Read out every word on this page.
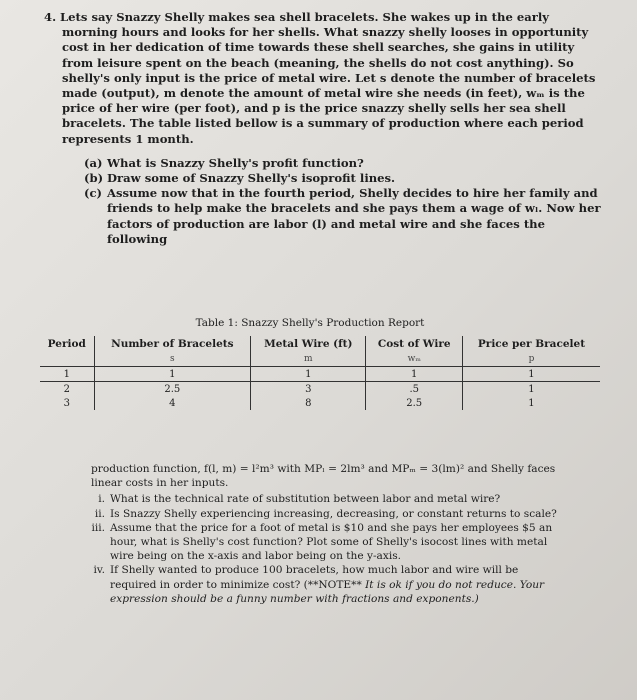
4. Lets say Snazzy Shelly makes sea shell bracelets. She wakes up in the early morning hours and looks for her shells. What snazzy shelly looses in opportunity cost in her dedication of time towards these shell searches, she gains in utility from leisure spent on the beach (meaning, the shells do not cost anything). So shelly's only input is the price of metal wire. Let s denote the number of bracelets made (output), m denote the amount of metal wire she needs (in feet), wₘ is the price of her wire (per foot), and p is the price snazzy shelly sells her sea shell bracelets. The table listed bellow is a summary of production where each period represents 1 month.
(a) What is Snazzy Shelly's profit function?
(b) Draw some of Snazzy Shelly's isoprofit lines.
(c) Assume now that in the fourth period, Shelly decides to hire her family and friends to help make the bracelets and she pays them a wage of wₗ. Now her factors of production are labor (l) and metal wire and she faces the following
Table 1: Snazzy Shelly's Production Report
Period	Number of Bracelets	Metal Wire (ft)	Cost of Wire	Price per Bracelet
	s	m	wₘ	p
1	1	1	1	1
2	2.5	3	.5	1
3	4	8	2.5	1
production function, f(l, m) = l²m³ with MPₗ = 2lm³ and MPₘ = 3(lm)² and Shelly faces linear costs in her inputs.
i. What is the technical rate of substitution between labor and metal wire?
ii. Is Snazzy Shelly experiencing increasing, decreasing, or constant returns to scale?
iii. Assume that the price for a foot of metal is $10 and she pays her employees $5 an hour, what is Shelly's cost function? Plot some of Shelly's isocost lines with metal wire being on the x-axis and labor being on the y-axis.
iv. If Shelly wanted to produce 100 bracelets, how much labor and wire will be required in order to minimize cost? (**NOTE** It is ok if you do not reduce. Your expression should be a funny number with fractions and exponents.)
